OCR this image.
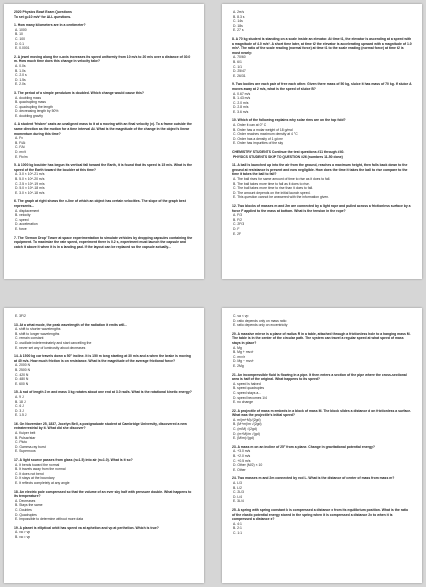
2020 Physics Bowl Exam Questions
To set g=10 m/s² for ALL questions.
1. How many kilometers are in a centimeter?
A. 1000
B. 10
C. 100
D. 0.1
E. 0.0001
2. A jewel moving along the x-axis increases its speed uniformly from 10 m/s to 20 m/s over a distance of 30.0 m. How much time does this change in velocity take?
A. 0.0s
B. 1.0s
C. 2.0 s
D. 1.5s
E. 2.0s
3. The period of a simple pendulum is doubled. Which change would cause this?
A. doubling mass
B. quadrupling mass
C. quadrupling the length
D. decreasing length by 50%
E. doubling gravity
4. A student 'frisbee' casts an unaligned mass to it at a moving with an final velocity (v). To a frame outside the same direction as the motion for a time interval Δt. What is the magnitude of the change in the object's linear momentum during this time?
A. Fv
B. F/Δt
C. FΔt
D. mv/t
E. Ftv/m
5. A 1000 kg boulder has begun its vertical fall toward the Earth, it is found that its speed is 15 m/s. What is the speed of the Earth toward the boulder at this time?
A. 3.0 × 10^-21 m/s
B. 5.0 × 10^-20 m/s
C. 2.5 × 10^-19 m/s
D. 5.0 × 10^-18 m/s
E. 3.0 × 10^-18 m/s
6. The graph at right shows the x-line of which an object has certain velocities. The slope of the graph best represents...
A. displacement
B. velocity
C. speed
D. acceleration
E. force
7. The 'Demon Drop' Tower at space experimentation to simulate vehicles by dropping capsules containing the equipment. To maximize the rate speed, experiment there is 0.2 s, experiment must launch the capsule and catch it above it when it is in a landing pad. If the layout can be replaced so the capsule actually...
A. 2π/s
B. 8.3 s
C. 14s
D. 18s
E. 27 s
8. A 70 kg student is standing on a scale inside an elevator. At time t1, the elevator is ascending at a speed with a magnitude of 4.0 m/s². A short time later, at time t2 the elevator is accelerating upward with a magnitude of 1.0 m/s². The ratio of the scale reading (normal force) at time t1 to the scale reading (normal force) at time t2 is most nearly:
A. 70/60
B. 6/1
C. 1/1
D. 25/47
E. 26/31
9. Two bodies are each pair of free each other. Given there mass of 50 kg, sluice it has mass of 70 kg. If sluice A moves away at 2 m/s, what is the speed of sluice B?
A. 0.67 m/s
B. 1.43 m/s
C. 2.0 m/s
D. 2.8 m/s
E. 3.6 m/s
10. Which of the following explains why solar rims are on the top fold?
A. Order it can at 0° C
B. Order has a molar weight of 18 g/mol
C. Order reaches maximum density at 4 °C
D. Order has a density of 1 g/cm³
E. Order has impurities of the sky
CHEMISTRY STUDENTS Continue the test questions #11 through #40.
PHYSICS STUDENTS SKIP TO QUESTION #26 (numbers 11-50 done)
11. A ball is launched up into the air from the ground, reaches a maximum height, then falls back down to the ground at resistance is present and now negligible. How does the time it takes the ball to rise compare to the time it takes the ball to fall?
A. The ball rises for same amount of time to rise as it does to fall.
B. The ball takes more time to fall as it does to rise.
C. The ball takes more time to rise than it does to fall.
D. The amount depends on the initial launch speed.
E. This question cannot be answered with the information given.
12. Two blocks of masses m and 2m are connected by a light rope and pulled across a frictionless surface by a force F applied to the mass at bottom. What is the tension in the rope?
A. F/3
B. F/2
C. 2F/3
D. F
E. 2F
E. 3F/2
13. At a what mode, the peak wavelength of the radiation it emits will...
A. shift to shorter wavelengths
B. shift to longer wavelengths
C. remain constant
D. oscillate indeterminately and start cancelling the
E. never set any of luminosity about decreases
14. A 1500 kg car travels down a 50° incline. It is 150 m long starting at 30 m/s and a when the brake is moving at 40 m/s. How much friction is on resistance. What is the magnitude of the average frictional force?
A. 2000 N
B. 2500 N
C. 420 N
D. 480 N
E. 600 N
15. A rod of length 2 m and mass 3 kg rotates about one end at 3.0 rad/s. What is the rotational kinetic energy?
A. 9 J
B. 18 J
C. 6 J
D. 3 J
E. 1.5 J
16. On November 25, 1837, Jocelyn Bell, a postgraduate student at Cambridge University, discovered a new extraterrestrial by it. What did she discover?
A. Kuiper belt
B. Pulsar/star
C. Pluto
D. Gamma-ray burst
E. Supernova
17. A light source passes from glass (n=1.5) into air (n=1.0). What is it so?
A. It bends toward the normal
B. It travels away from the normal
C. It does not bend
D. It stays at the boundary
E. It reflects completely at any angle
18. An electric pole compressed so that the volume of an ever sky half with pressure double. What happens to its temperature?
A. Decreases
B. Stays the same
C. Doubles
D. Quadruples
E. Impossible to determine without more data
19. A planet is elliptical orbit has speed va at aphelion and vp at perihelion. Which is true?
A. va > vp
B. va = vp
C. va < vp
D. ratio depends only on mass ratio
E. ratio depends only on eccentricity
20. A massive mirror is a plane of radius R in a table, attached through a frictionless hole to a hanging mass M. The table is in the center of the circular path. The system can travel a regular speed at what speed of mass stays in place?
A. Mg
B. Mg + mv²/r
C. mv²/r
D. Mg − mv²/r
E. 2Mg
21. An incompressible fluid is flowing in a pipe. It then enters a section of the pipe where the cross-sectional area is half of the original. What happens to its speed?
A. speed is halved
B. speed quadruples
C. speed stays a...
D. speed becomes 1/4
E. no change
22. A projectile of mass m embeds in a block of mass M. The block slides a distance d on frictionless a surface. What was the projectile's initial speed?
A. m/(m+M)√(2gd)
B. (M+m)/m √(2gd)
C. (m/M) √(2gd)
D. (m+M)/m √(gd)
E. (M/m)√(gd)
23. A mass m on an incline of 25° from a plane. Change in gravitational potential energy?
A. +3.0 m/s
B. +2.0 m/s
C. +0.5 m/s
D. Other (M/2) × 10
E. Other
24. Two masses m and 2m connected by rod L. What is the distance of center of mass from mass m?
A. L/3
B. L/2
C. 2L/3
D. L/4
E. 3L/4
25. A spring with spring constant k is compressed a distance x from its equilibrium position. What is the ratio of the elastic potential energy stored in the spring when it is compressed a distance 2x to when it is compressed a distance x?
A. 4:1
B. 2:1
C. 1:1
